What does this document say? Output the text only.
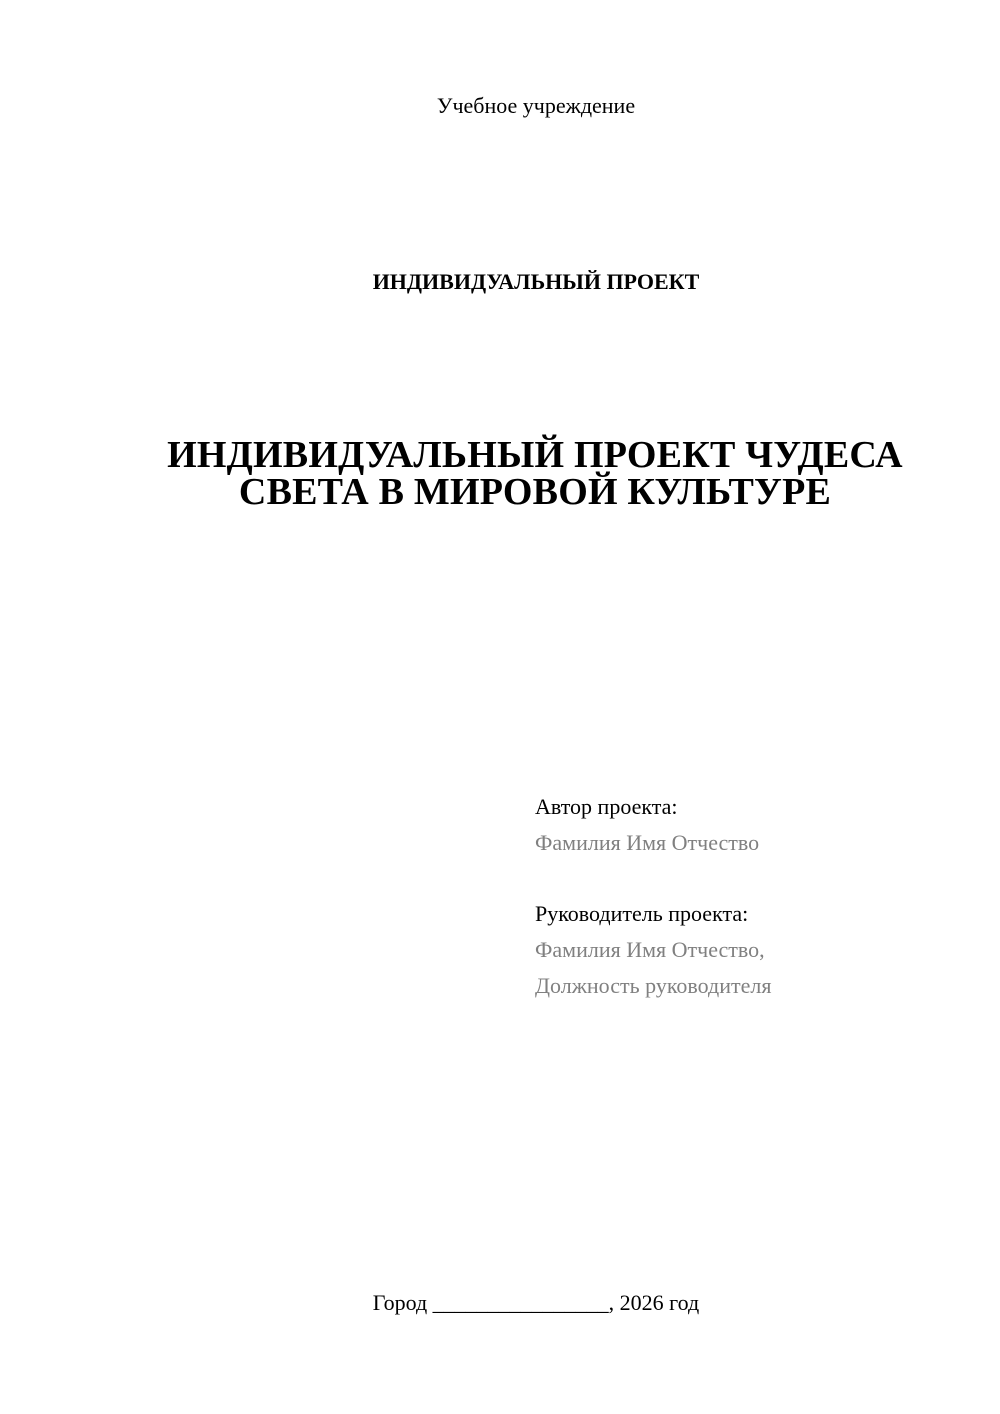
Учебное учреждение
ИНДИВИДУАЛЬНЫЙ ПРОЕКТ
ИНДИВИДУАЛЬНЫЙ ПРОЕКТ ЧУДЕСА
СВЕТА В МИРОВОЙ КУЛЬТУРЕ
Автор проекта:
Фамилия Имя Отчество
Руководитель проекта:
Фамилия Имя Отчество,
Должность руководителя
Город ________________, 2026 год
